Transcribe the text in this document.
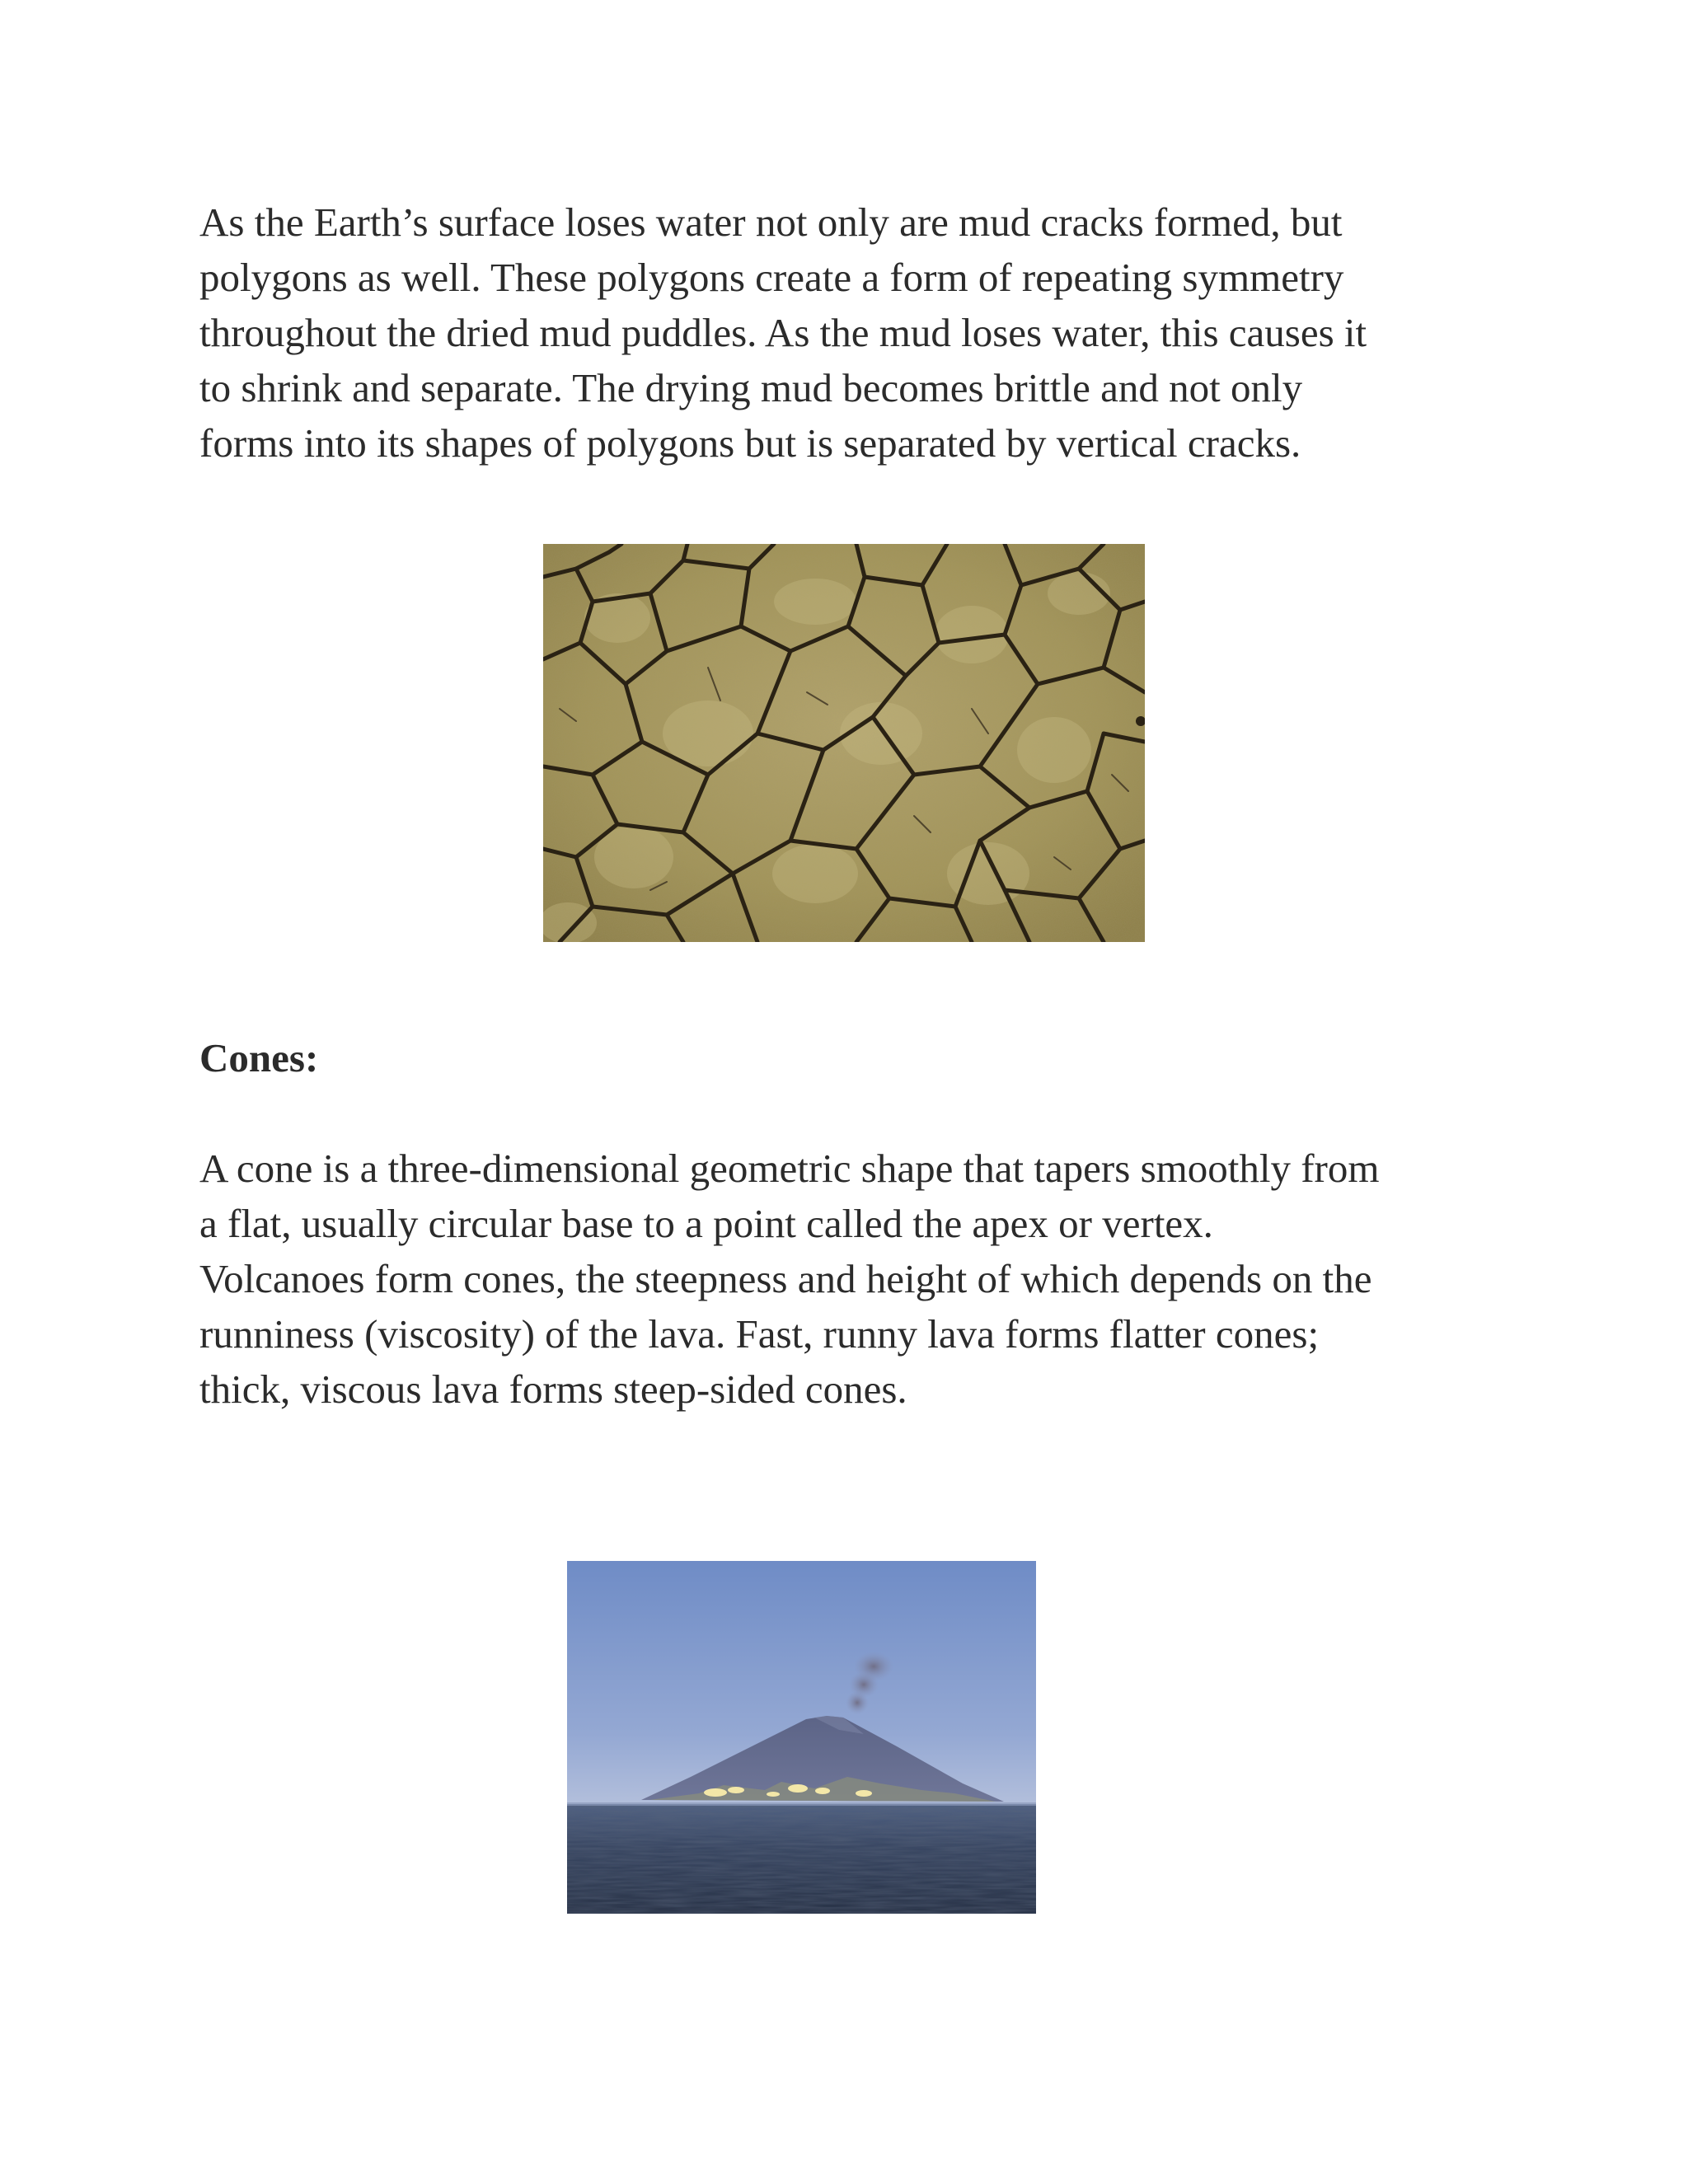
As the Earth’s surface loses water not only are mud cracks formed, but
polygons as well. These polygons create a form of repeating symmetry
throughout the dried mud puddles. As the mud loses water, this causes it
to shrink and separate. The drying mud becomes brittle and not only
forms into its shapes of polygons but is separated by vertical cracks.

Cones:

A cone is a three-dimensional geometric shape that tapers smoothly from
a flat, usually circular base to a point called the apex or vertex.
Volcanoes form cones, the steepness and height of which depends on the
runniness (viscosity) of the lava. Fast, runny lava forms flatter cones;
thick, viscous lava forms steep-sided cones.
